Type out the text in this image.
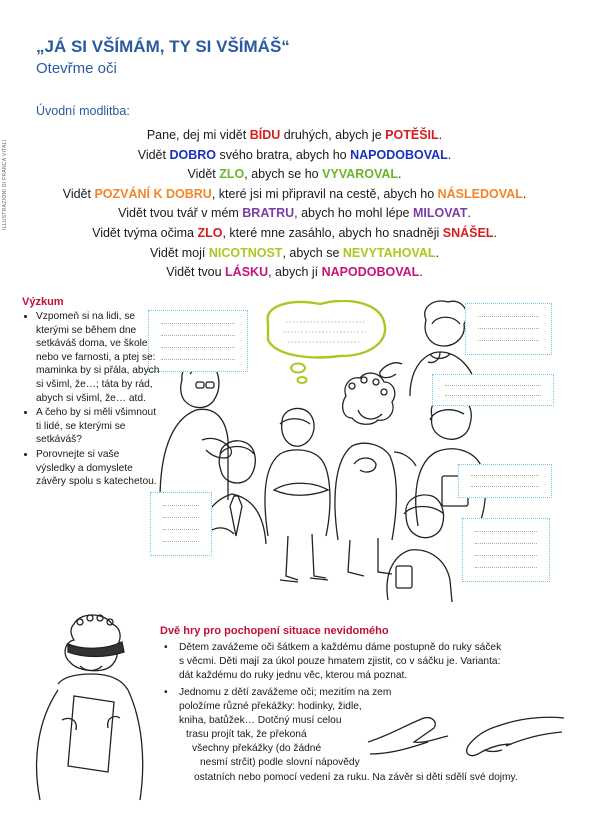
„JÁ SI VŠÍMÁM, TY SI VŠÍMÁŠ“
Otevřme oči
ILLUSTRAZIONI DI FRANCA VITALI
Úvodní modlitba:
Pane, dej mi vidět BÍDU druhých, abych je POTĚŠIL.
Vidět DOBRO svého bratra, abych ho NAPODOBOVAL.
Vidět ZLO, abych se ho VYVAROVAL.
Vidět POZVÁNÍ K DOBRU, které jsi mi připravil na cestě, abych ho NÁSLEDOVAL.
Vidět tvou tvář v mém BRATRU, abych ho mohl lépe MILOVAT.
Vidět tvýma očima ZLO, které mne zasáhlo, abych ho snadněji SNÁŠEL.
Vidět mojí NICOTNOST, abych se NEVYTAHOVAL.
Vidět tvou LÁSKU, abych jí NAPODOBOVAL.
Výzkum
• Vzpomeň si na lidi, se kterými se během dne setkáváš doma, ve škole nebo ve farnosti, a ptej se: maminka by si přála, abych si všiml, že…; táta by rád, abych si všiml, že… atd.
• A čeho by si měli všimnout ti lidé, se kterými se setkáváš?
• Porovnejte si vaše výsledky a domyslete závěry spolu s katechetou.
Dvě hry pro pochopení situace nevidomého
• Dětem zavážeme oči šátkem a každému dáme postupně do ruky sáček
s věcmi. Děti mají za úkol pouze hmatem zjistit, co v sáčku je. Varianta:
dát každému do ruky jednu věc, kterou má poznat.
• Jednomu z dětí zavážeme oči; mezitím na zem
položíme různé překážky: hodinky, židle,
kniha, batůžek… Dotčný musí celou
trasu projít tak, že překoná
všechny překážky (do žádné
nesmí strčit) podle slovní nápovědy
ostatních nebo pomocí vedení za ruku. Na závěr si děti sdělí své dojmy.
